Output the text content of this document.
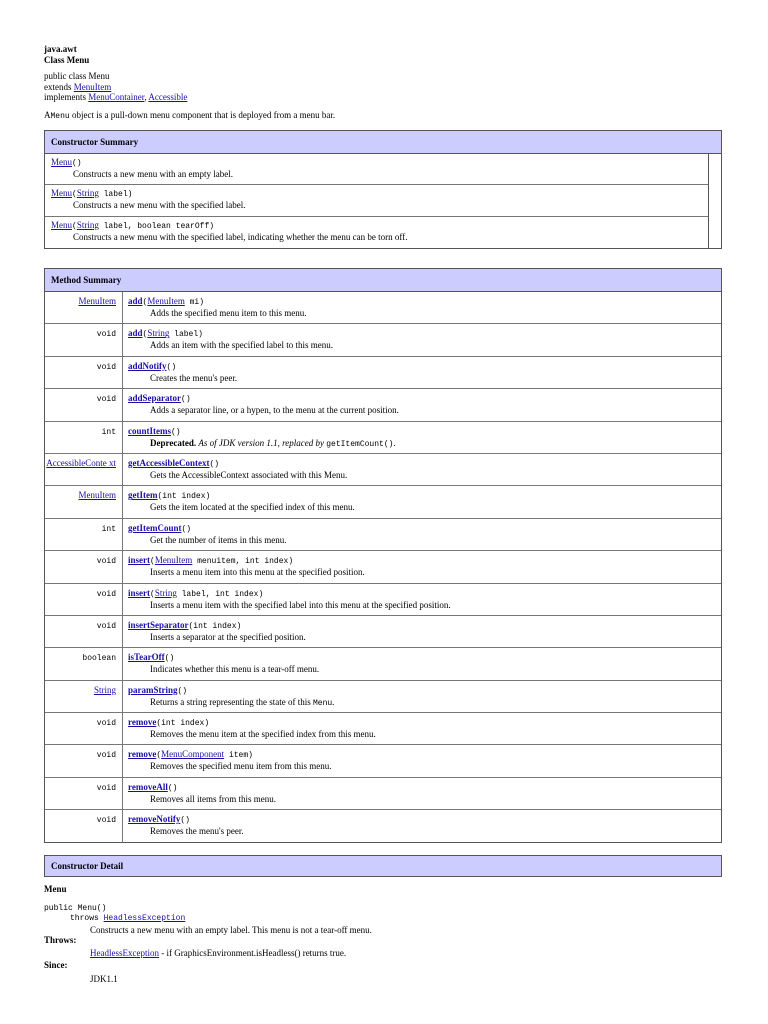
java.awt
Class Menu
public class Menu
extends MenuItem
implements MenuContainer, Accessible
AMenu object is a pull-down menu component that is deployed from a menu bar.
Constructor Summary
Menu()
Constructs a new menu with an empty label.
Menu(String label)
Constructs a new menu with the specified label.
Menu(String label, boolean tearOff)
Constructs a new menu with the specified label, indicating whether the menu can be torn off.
Method Summary
MenuItem	add(MenuItem mi)
Adds the specified menu item to this menu.
void	add(String label)
Adds an item with the specified label to this menu.
void	addNotify()
Creates the menu's peer.
void	addSeparator()
Adds a separator line, or a hypen, to the menu at the current position.
int	countItems()
Deprecated. As of JDK version 1.1, replaced by getItemCount().
AccessibleConte xt	getAccessibleContext()
Gets the AccessibleContext associated with this Menu.
MenuItem	getItem(int index)
Gets the item located at the specified index of this menu.
int	getItemCount()
Get the number of items in this menu.
void	insert(MenuItem menuitem, int index)
Inserts a menu item into this menu at the specified position.
void	insert(String label, int index)
Inserts a menu item with the specified label into this menu at the specified position.
void	insertSeparator(int index)
Inserts a separator at the specified position.
boolean	isTearOff()
Indicates whether this menu is a tear-off menu.
String	paramString()
Returns a string representing the state of this Menu.
void	remove(int index)
Removes the menu item at the specified index from this menu.
void	remove(MenuComponent item)
Removes the specified menu item from this menu.
void	removeAll()
Removes all items from this menu.
void	removeNotify()
Removes the menu's peer.
Constructor Detail
Menu
public Menu()
throws HeadlessException
Constructs a new menu with an empty label. This menu is not a tear-off menu.
Throws:
HeadlessException - if GraphicsEnvironment.isHeadless() returns true.
Since:
JDK1.1
